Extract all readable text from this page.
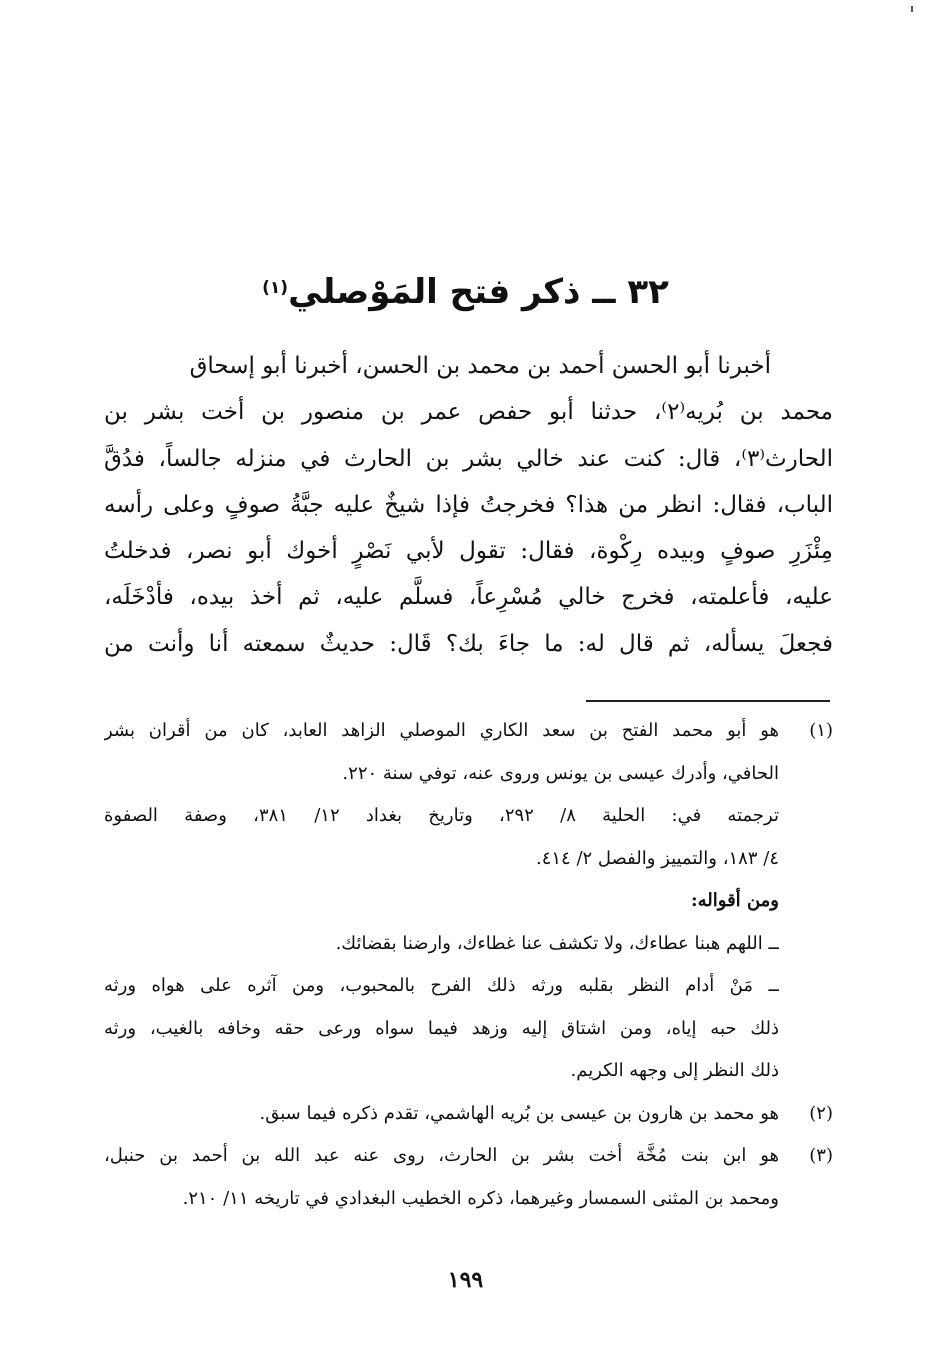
٣٢ ــ ذكر فتح المَوْصلي$^{(١)}$
أخبرنا أبو الحسن أحمد بن محمد بن الحسن، أخبرنا أبو إسحاق
محمد بن بُريه⁽٢⁾، حدثنا أبو حفص عمر بن منصور بن أخت بشر بن
الحارث⁽٣⁾، قال: كنت عند خالي بشر بن الحارث في منزله جالساً، فدُقَّ
الباب، فقال: انظر من هذا؟ فخرجتُ فإذا شيخٌ عليه جبَّةُ صوفٍ وعلى رأسه
مِئْزَرِ صوفٍ وبيده رِكْوة، فقال: تقول لأبي نَصْرٍ أخوك أبو نصر، فدخلتُ
عليه، فأعلمته، فخرج خالي مُسْرِعاً، فسلَّم عليه، ثم أخذ بيده، فأدْخَلَه،
فجعلَ يسأله، ثم قال له: ما جاءَ بك؟ قَال: حديثٌ سمعته أنا وأنت من
(١)
هو أبو محمد الفتح بن سعد الكاري الموصلي الزاهد العابد، كان من أقران بشر
الحافي، وأدرك عيسى بن يونس وروى عنه، توفي سنة ٢٢٠.
ترجمته في: الحلية ٨/ ٢٩٢، وتاريخ بغداد ١٢/ ٣٨١، وصفة الصفوة
٤/ ١٨٣، والتمييز والفصل ٢/ ٤١٤.
ومن أقواله:
ــ اللهم هبنا عطاءك، ولا تكشف عنا غطاءك، وارضنا بقضائك.
ــ مَنْ أدام النظر بقلبه ورثه ذلك الفرح بالمحبوب، ومن آثره على هواه ورثه
ذلك حبه إياه، ومن اشتاق إليه وزهد فيما سواه ورعى حقه وخافه بالغيب، ورثه
ذلك النظر إلى وجهه الكريم.
(٢)
هو محمد بن هارون بن عيسى بن بُريه الهاشمي، تقدم ذكره فيما سبق.
(٣)
هو ابن بنت مُخَّة أخت بشر بن الحارث، روى عنه عبد الله بن أحمد بن حنبل،
ومحمد بن المثنى السمسار وغيرهما، ذكره الخطيب البغدادي في تاريخه ١١/ ٢١٠.
١٩٩
